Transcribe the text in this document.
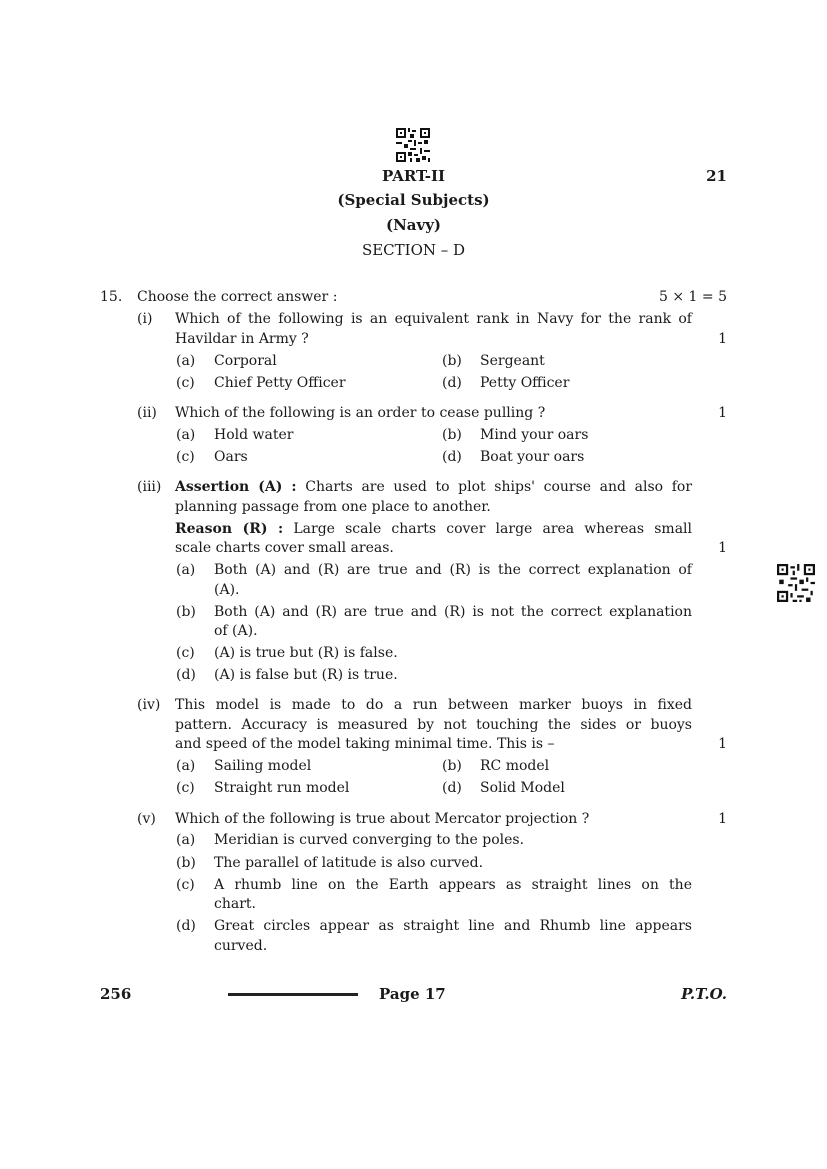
PART-II	21
(Special Subjects)
(Navy)
SECTION – D
15. Choose the correct answer :	5 × 1 = 5
(i) Which of the following is an equivalent rank in Navy for the rank of
Havildar in Army ?	1
(a) Corporal	(b) Sergeant
(c) Chief Petty Officer	(d) Petty Officer
(ii) Which of the following is an order to cease pulling ?	1
(a) Hold water	(b) Mind your oars
(c) Oars	(d) Boat your oars
(iii) Assertion (A) : Charts are used to plot ships' course and also for
planning passage from one place to another.
Reason (R) : Large scale charts cover large area whereas small
scale charts cover small areas.	1
(a) Both (A) and (R) are true and (R) is the correct explanation of
(A).
(b) Both (A) and (R) are true and (R) is not the correct explanation
of (A).
(c) (A) is true but (R) is false.
(d) (A) is false but (R) is true.
(iv) This model is made to do a run between marker buoys in fixed
pattern. Accuracy is measured by not touching the sides or buoys
and speed of the model taking minimal time. This is –	1
(a) Sailing model	(b) RC model
(c) Straight run model	(d) Solid Model
(v) Which of the following is true about Mercator projection ?	1
(a) Meridian is curved converging to the poles.
(b) The parallel of latitude is also curved.
(c) A rhumb line on the Earth appears as straight lines on the
chart.
(d) Great circles appear as straight line and Rhumb line appears
curved.
256	Page 17	P.T.O.
